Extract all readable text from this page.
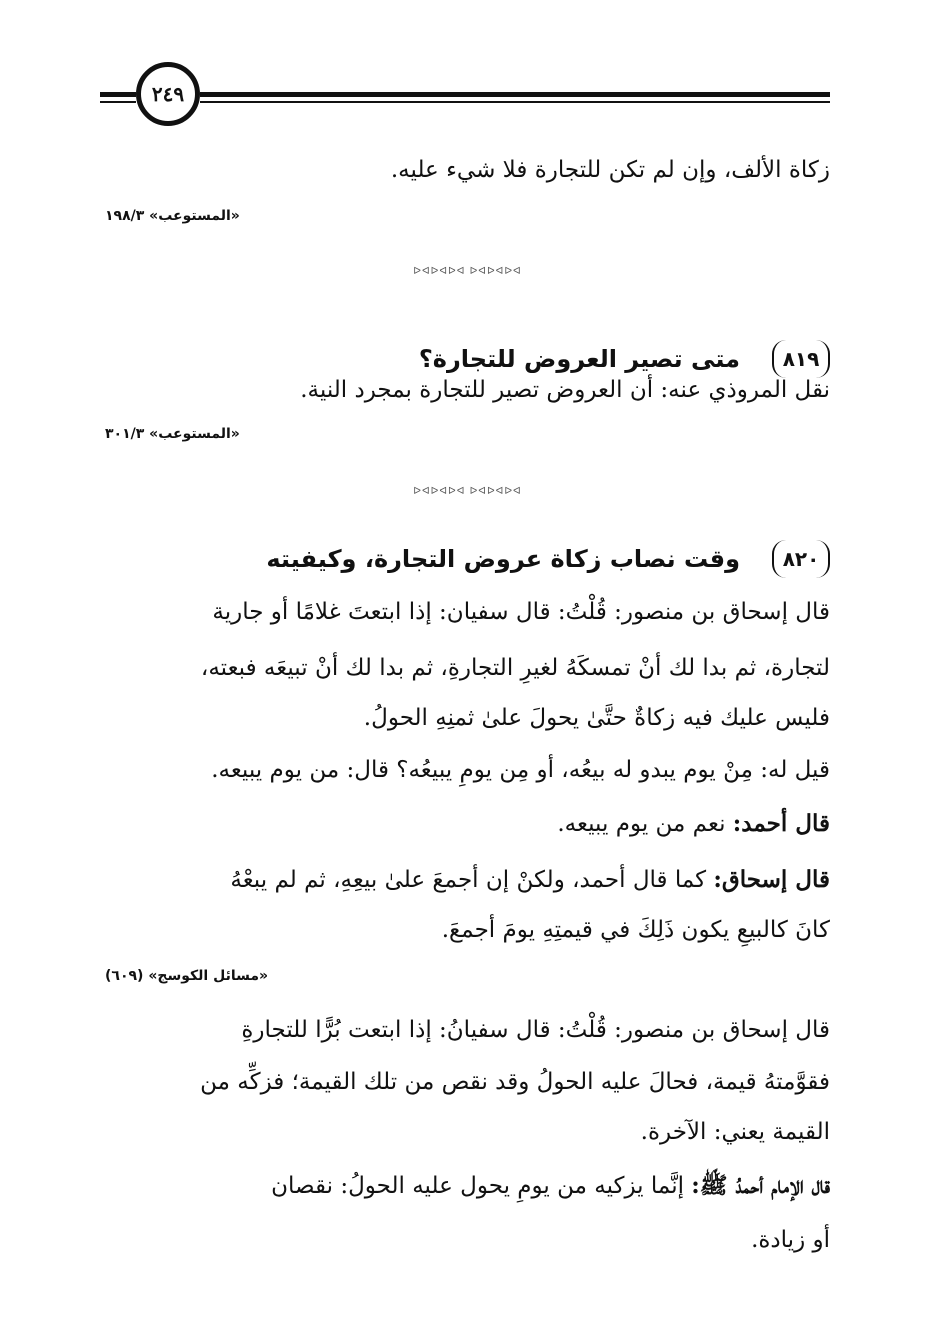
٢٤٩
زكاة الألف، وإن لم تكن للتجارة فلا شيء عليه.
«المستوعب» ١٩٨/٣
ᐅᐊᐅᐊᐅᐊ ᐅᐊᐅᐊᐅᐊ
٨١٩
متى تصير العروض للتجارة؟
نقل المروذي عنه: أن العروض تصير للتجارة بمجرد النية.
«المستوعب» ٣٠١/٣
ᐅᐊᐅᐊᐅᐊ ᐅᐊᐅᐊᐅᐊ
٨٢٠
وقت نصاب زكاة عروض التجارة، وكيفيته
قال إسحاق بن منصور: قُلْتُ: قال سفيان: إذا ابتعتَ غلامًا أو جارية
لتجارة، ثم بدا لك أنْ تمسكَهُ لغيرِ التجارةِ، ثم بدا لك أنْ تبيعَه فبعته،
فليس عليك فيه زكاةٌ حتَّىٰ يحولَ علىٰ ثمنِهِ الحولُ.
قيل له: مِنْ يوم يبدو له بيعُه، أو مِن يومِ يبيعُه؟ قال: من يوم يبيعه.
قال أحمد: نعم من يوم يبيعه.
قال إسحاق: كما قال أحمد، ولكنْ إن أجمعَ علىٰ بيعِهِ، ثم لم يبعْهُ
كانَ كالبيعِ يكون ذَلِكَ في قيمتِهِ يومَ أجمعَ.
«مسائل الكوسج» (٦٠٩)
قال إسحاق بن منصور: قُلْتُ: قال سفيانُ: إذا ابتعت بُرًّا للتجارةِ
فقوَّمتهُ قيمة، فحالَ عليه الحولُ وقد نقص من تلك القيمة؛ فزكِّه من
القيمة يعني: الآخرة.
قال الإمام أحمدُ ﷺ: إنَّما يزكيه من يومِ يحول عليه الحولُ: نقصان
أو زيادة.
